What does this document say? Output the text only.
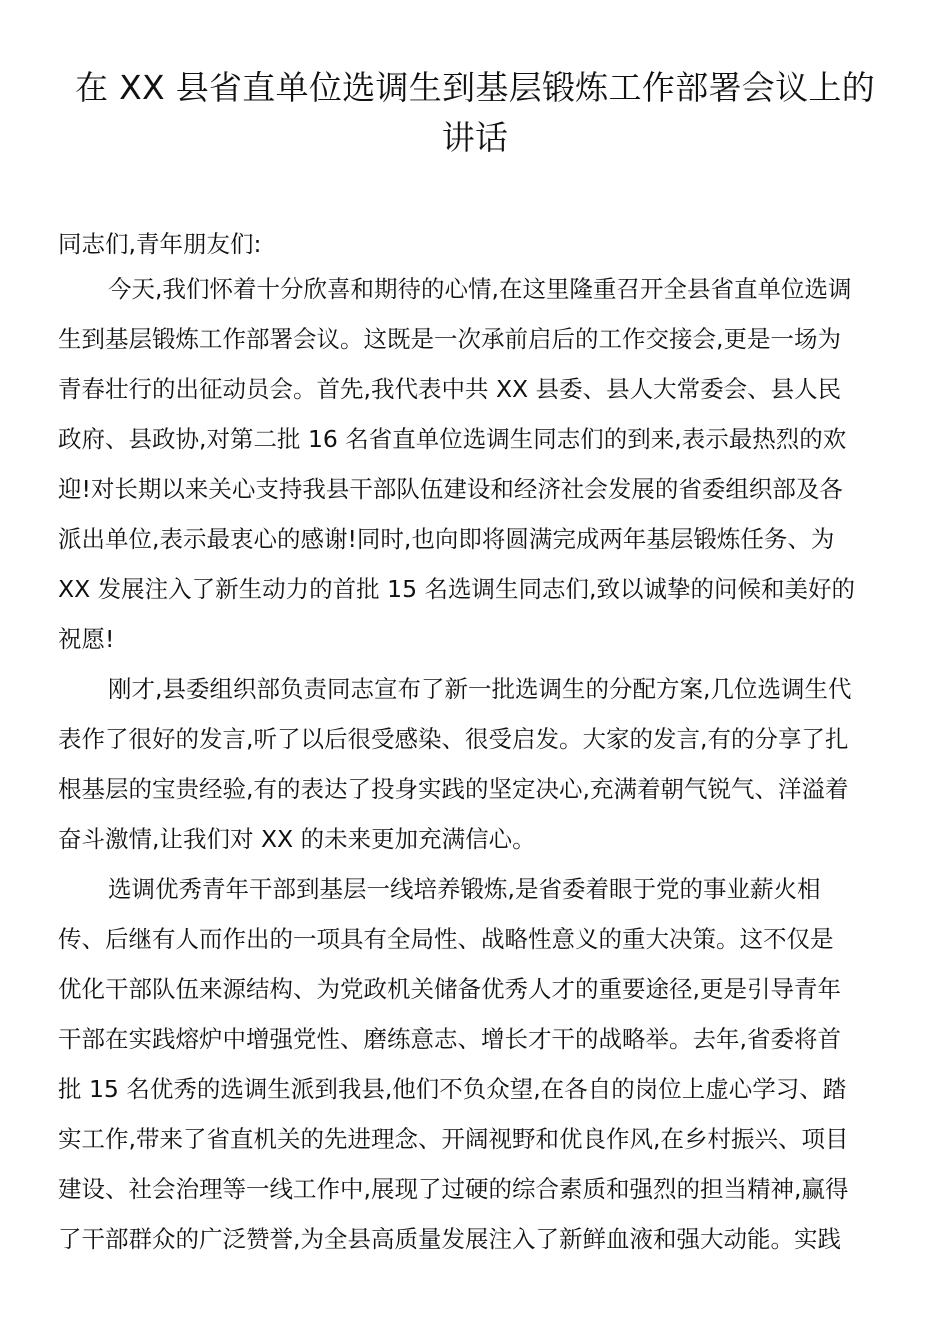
在 XX 县省直单位选调生到基层锻炼工作部署会议上的
讲话

同志们,青年朋友们:

今天,我们怀着十分欣喜和期待的心情,在这里隆重召开全县省直单位选调
生到基层锻炼工作部署会议。这既是一次承前启后的工作交接会,更是一场为
青春壮行的出征动员会。首先,我代表中共 XX 县委、县人大常委会、县人民
政府、县政协,对第二批 16 名省直单位选调生同志们的到来,表示最热烈的欢
迎!对长期以来关心支持我县干部队伍建设和经济社会发展的省委组织部及各
派出单位,表示最衷心的感谢!同时,也向即将圆满完成两年基层锻炼任务、为
XX 发展注入了新生动力的首批 15 名选调生同志们,致以诚挚的问候和美好的
祝愿!

刚才,县委组织部负责同志宣布了新一批选调生的分配方案,几位选调生代
表作了很好的发言,听了以后很受感染、很受启发。大家的发言,有的分享了扎
根基层的宝贵经验,有的表达了投身实践的坚定决心,充满着朝气锐气、洋溢着
奋斗激情,让我们对 XX 的未来更加充满信心。

选调优秀青年干部到基层一线培养锻炼,是省委着眼于党的事业薪火相
传、后继有人而作出的一项具有全局性、战略性意义的重大决策。这不仅是
优化干部队伍来源结构、为党政机关储备优秀人才的重要途径,更是引导青年
干部在实践熔炉中增强党性、磨练意志、增长才干的战略举。去年,省委将首
批 15 名优秀的选调生派到我县,他们不负众望,在各自的岗位上虚心学习、踏
实工作,带来了省直机关的先进理念、开阔视野和优良作风,在乡村振兴、项目
建设、社会治理等一线工作中,展现了过硬的综合素质和强烈的担当精神,赢得
了干部群众的广泛赞誉,为全县高质量发展注入了新鲜血液和强大动能。实践
